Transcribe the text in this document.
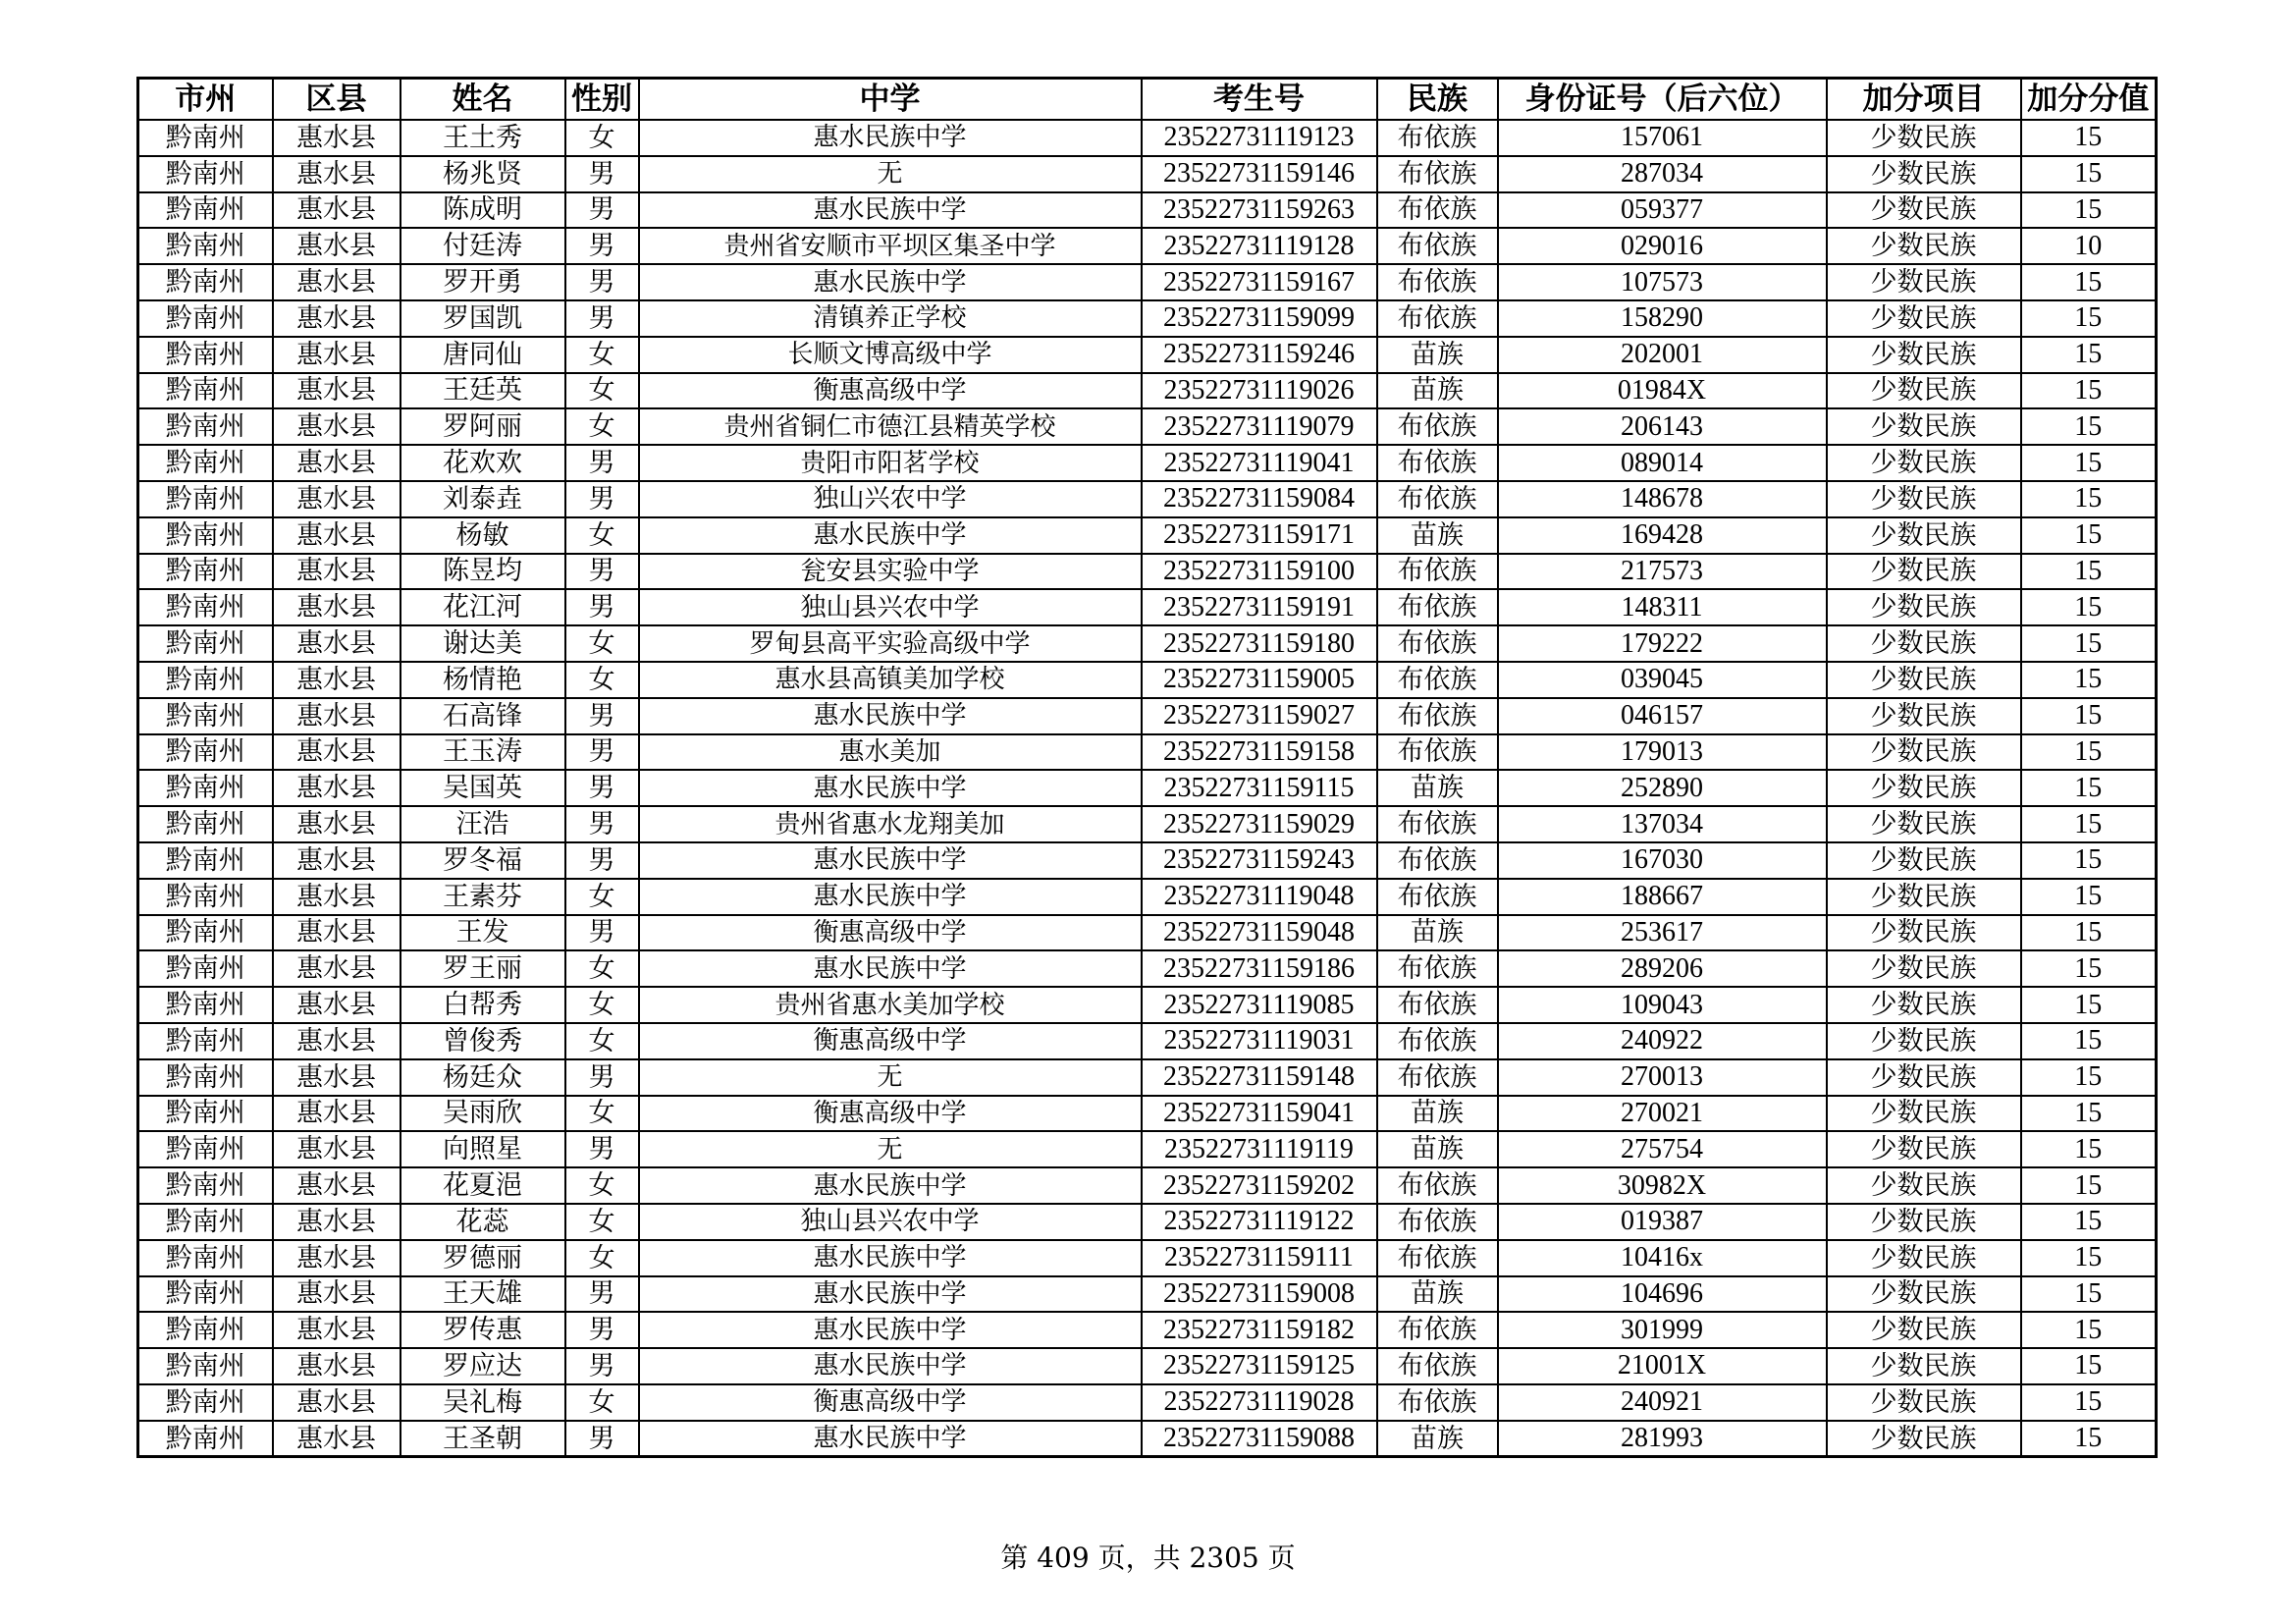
市州	区县	姓名	性别	中学	考生号	民族	身份证号（后六位）	加分项目	加分分值
黔南州	惠水县	王土秀	女	惠水民族中学	23522731119123	布依族	157061	少数民族	15
黔南州	惠水县	杨兆贤	男	无	23522731159146	布依族	287034	少数民族	15
黔南州	惠水县	陈成明	男	惠水民族中学	23522731159263	布依族	059377	少数民族	15
黔南州	惠水县	付廷涛	男	贵州省安顺市平坝区集圣中学	23522731119128	布依族	029016	少数民族	10
黔南州	惠水县	罗开勇	男	惠水民族中学	23522731159167	布依族	107573	少数民族	15
黔南州	惠水县	罗国凯	男	清镇养正学校	23522731159099	布依族	158290	少数民族	15
黔南州	惠水县	唐同仙	女	长顺文博高级中学	23522731159246	苗族	202001	少数民族	15
黔南州	惠水县	王廷英	女	衡惠高级中学	23522731119026	苗族	01984X	少数民族	15
黔南州	惠水县	罗阿丽	女	贵州省铜仁市德江县精英学校	23522731119079	布依族	206143	少数民族	15
黔南州	惠水县	花欢欢	男	贵阳市阳茗学校	23522731119041	布依族	089014	少数民族	15
黔南州	惠水县	刘泰垚	男	独山兴农中学	23522731159084	布依族	148678	少数民族	15
黔南州	惠水县	杨敏	女	惠水民族中学	23522731159171	苗族	169428	少数民族	15
黔南州	惠水县	陈昱均	男	瓮安县实验中学	23522731159100	布依族	217573	少数民族	15
黔南州	惠水县	花江河	男	独山县兴农中学	23522731159191	布依族	148311	少数民族	15
黔南州	惠水县	谢达美	女	罗甸县高平实验高级中学	23522731159180	布依族	179222	少数民族	15
黔南州	惠水县	杨情艳	女	惠水县高镇美加学校	23522731159005	布依族	039045	少数民族	15
黔南州	惠水县	石高锋	男	惠水民族中学	23522731159027	布依族	046157	少数民族	15
黔南州	惠水县	王玉涛	男	惠水美加	23522731159158	布依族	179013	少数民族	15
黔南州	惠水县	吴国英	男	惠水民族中学	23522731159115	苗族	252890	少数民族	15
黔南州	惠水县	汪浩	男	贵州省惠水龙翔美加	23522731159029	布依族	137034	少数民族	15
黔南州	惠水县	罗冬福	男	惠水民族中学	23522731159243	布依族	167030	少数民族	15
黔南州	惠水县	王素芬	女	惠水民族中学	23522731119048	布依族	188667	少数民族	15
黔南州	惠水县	王发	男	衡惠高级中学	23522731159048	苗族	253617	少数民族	15
黔南州	惠水县	罗王丽	女	惠水民族中学	23522731159186	布依族	289206	少数民族	15
黔南州	惠水县	白帮秀	女	贵州省惠水美加学校	23522731119085	布依族	109043	少数民族	15
黔南州	惠水县	曾俊秀	女	衡惠高级中学	23522731119031	布依族	240922	少数民族	15
黔南州	惠水县	杨廷众	男	无	23522731159148	布依族	270013	少数民族	15
黔南州	惠水县	吴雨欣	女	衡惠高级中学	23522731159041	苗族	270021	少数民族	15
黔南州	惠水县	向照星	男	无	23522731119119	苗族	275754	少数民族	15
黔南州	惠水县	花夏浥	女	惠水民族中学	23522731159202	布依族	30982X	少数民族	15
黔南州	惠水县	花蕊	女	独山县兴农中学	23522731119122	布依族	019387	少数民族	15
黔南州	惠水县	罗德丽	女	惠水民族中学	23522731159111	布依族	10416x	少数民族	15
黔南州	惠水县	王天雄	男	惠水民族中学	23522731159008	苗族	104696	少数民族	15
黔南州	惠水县	罗传惠	男	惠水民族中学	23522731159182	布依族	301999	少数民族	15
黔南州	惠水县	罗应达	男	惠水民族中学	23522731159125	布依族	21001X	少数民族	15
黔南州	惠水县	吴礼梅	女	衡惠高级中学	23522731119028	布依族	240921	少数民族	15
黔南州	惠水县	王圣朝	男	惠水民族中学	23522731159088	苗族	281993	少数民族	15
第 409 页，共 2305 页
